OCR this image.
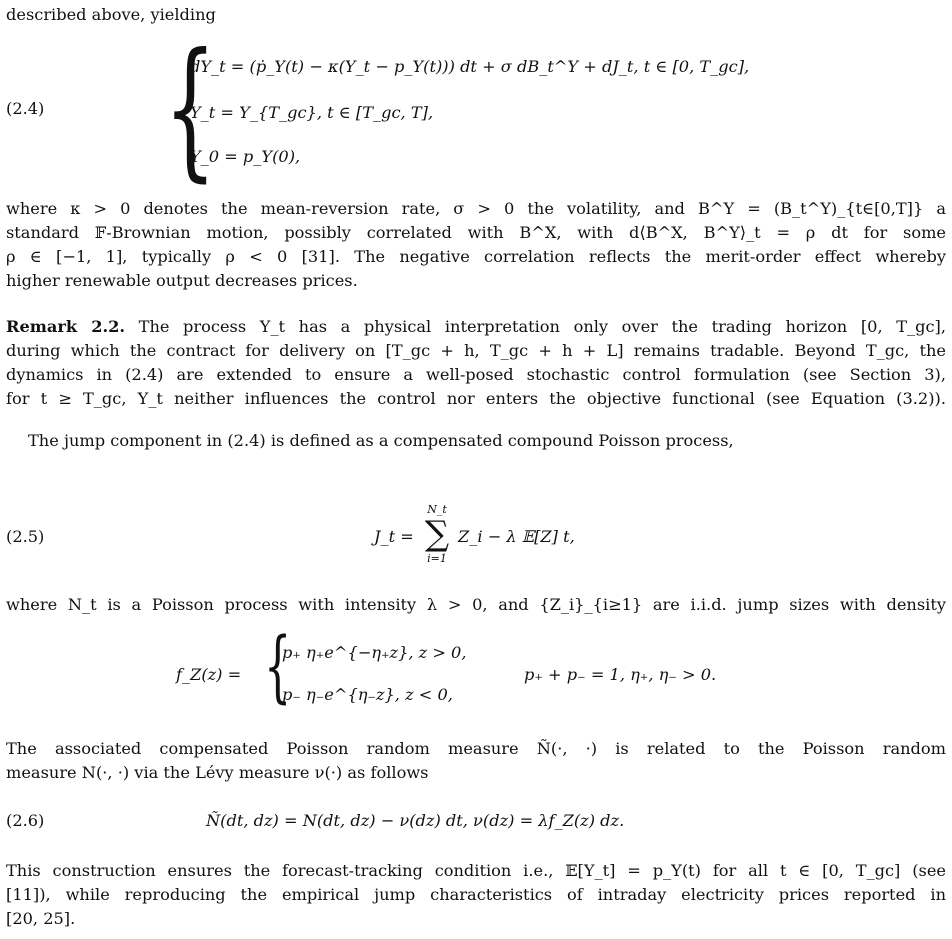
described above, yielding
(2.4) {
dY_t = (ṗ_Y(t) − κ(Y_t − p_Y(t))) dt + σ dB_t^Y + dJ_t, t ∈ [0, T_gc],
Y_t = Y_{T_gc}, t ∈ [T_gc, T],
Y_0 = p_Y(0),
where κ > 0 denotes the mean-reversion rate, σ > 0 the volatility, and B^Y = (B_t^Y)_{t∈[0,T]} a
standard 𝔽-Brownian motion, possibly correlated with B^X, with d⟨B^X, B^Y⟩_t = ρ dt for some
ρ ∈ [−1, 1], typically ρ < 0 [31]. The negative correlation reflects the merit-order effect whereby
higher renewable output decreases prices.
Remark 2.2. The process Y_t has a physical interpretation only over the trading horizon [0, T_gc],
during which the contract for delivery on [T_gc + h, T_gc + h + L] remains tradable. Beyond T_gc, the
dynamics in (2.4) are extended to ensure a well-posed stochastic control formulation (see Section 3),
for t ≥ T_gc, Y_t neither influences the control nor enters the objective functional (see Equation (3.2)).
The jump component in (2.4) is defined as a compensated compound Poisson process,
(2.5)	J_t =
N_t
∑
i=1
Z_i − λ 𝔼[Z] t,
where N_t is a Poisson process with intensity λ > 0, and {Z_i}_{i≥1} are i.i.d. jump sizes with density
f_Z(z) = {
p₊ η₊e^{−η₊z}, z > 0,
p₋ η₋e^{η₋z}, z < 0,
p₊ + p₋ = 1, η₊, η₋ > 0.
The associated compensated Poisson random measure Ñ(·, ·) is related to the Poisson random
measure N(·, ·) via the Lévy measure ν(·) as follows
(2.6)	Ñ(dt, dz) = N(dt, dz) − ν(dz) dt, ν(dz) = λf_Z(z) dz.
This construction ensures the forecast-tracking condition i.e., 𝔼[Y_t] = p_Y(t) for all t ∈ [0, T_gc] (see
[11]), while reproducing the empirical jump characteristics of intraday electricity prices reported in
[20, 25].
